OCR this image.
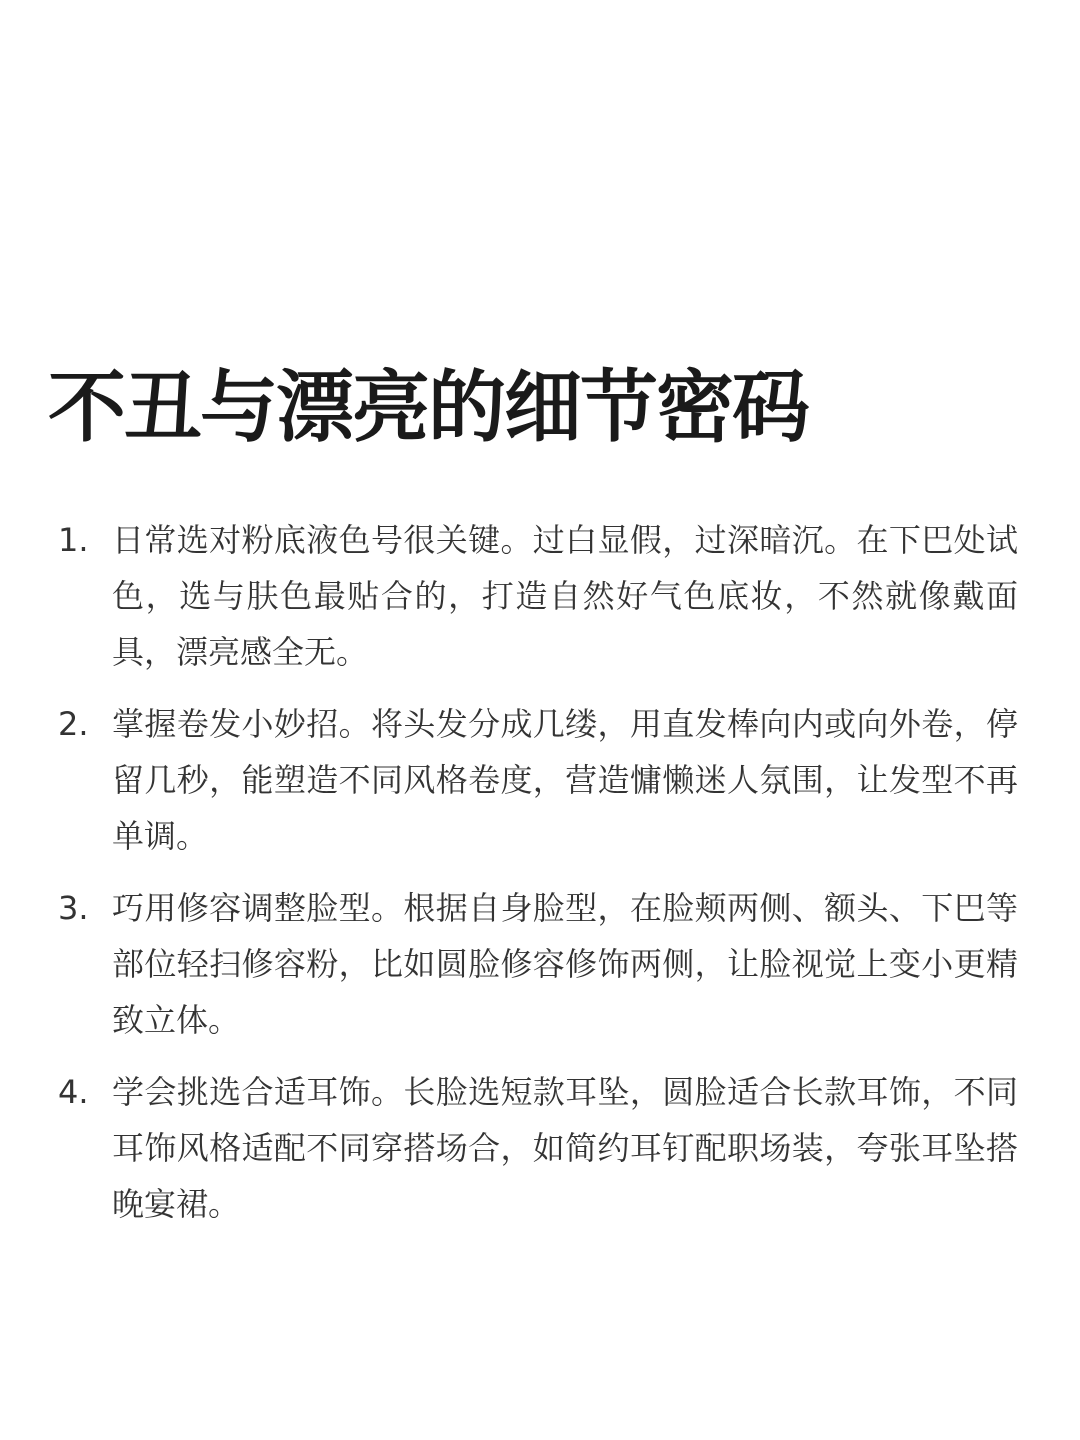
不丑与漂亮的细节密码
1. 日常选对粉底液色号很关键。过白显假，过深暗沉。在下巴处试色，选与肤色最贴合的，打造自然好气色底妆，不然就像戴面具，漂亮感全无。
2. 掌握卷发小妙招。将头发分成几缕，用直发棒向内或向外卷，停留几秒，能塑造不同风格卷度，营造慵懒迷人氛围，让发型不再单调。
3. 巧用修容调整脸型。根据自身脸型，在脸颊两侧、额头、下巴等部位轻扫修容粉，比如圆脸修容修饰两侧，让脸视觉上变小更精致立体。
4. 学会挑选合适耳饰。长脸选短款耳坠，圆脸适合长款耳饰，不同耳饰风格适配不同穿搭场合，如简约耳钉配职场装，夸张耳坠搭晚宴裙。
